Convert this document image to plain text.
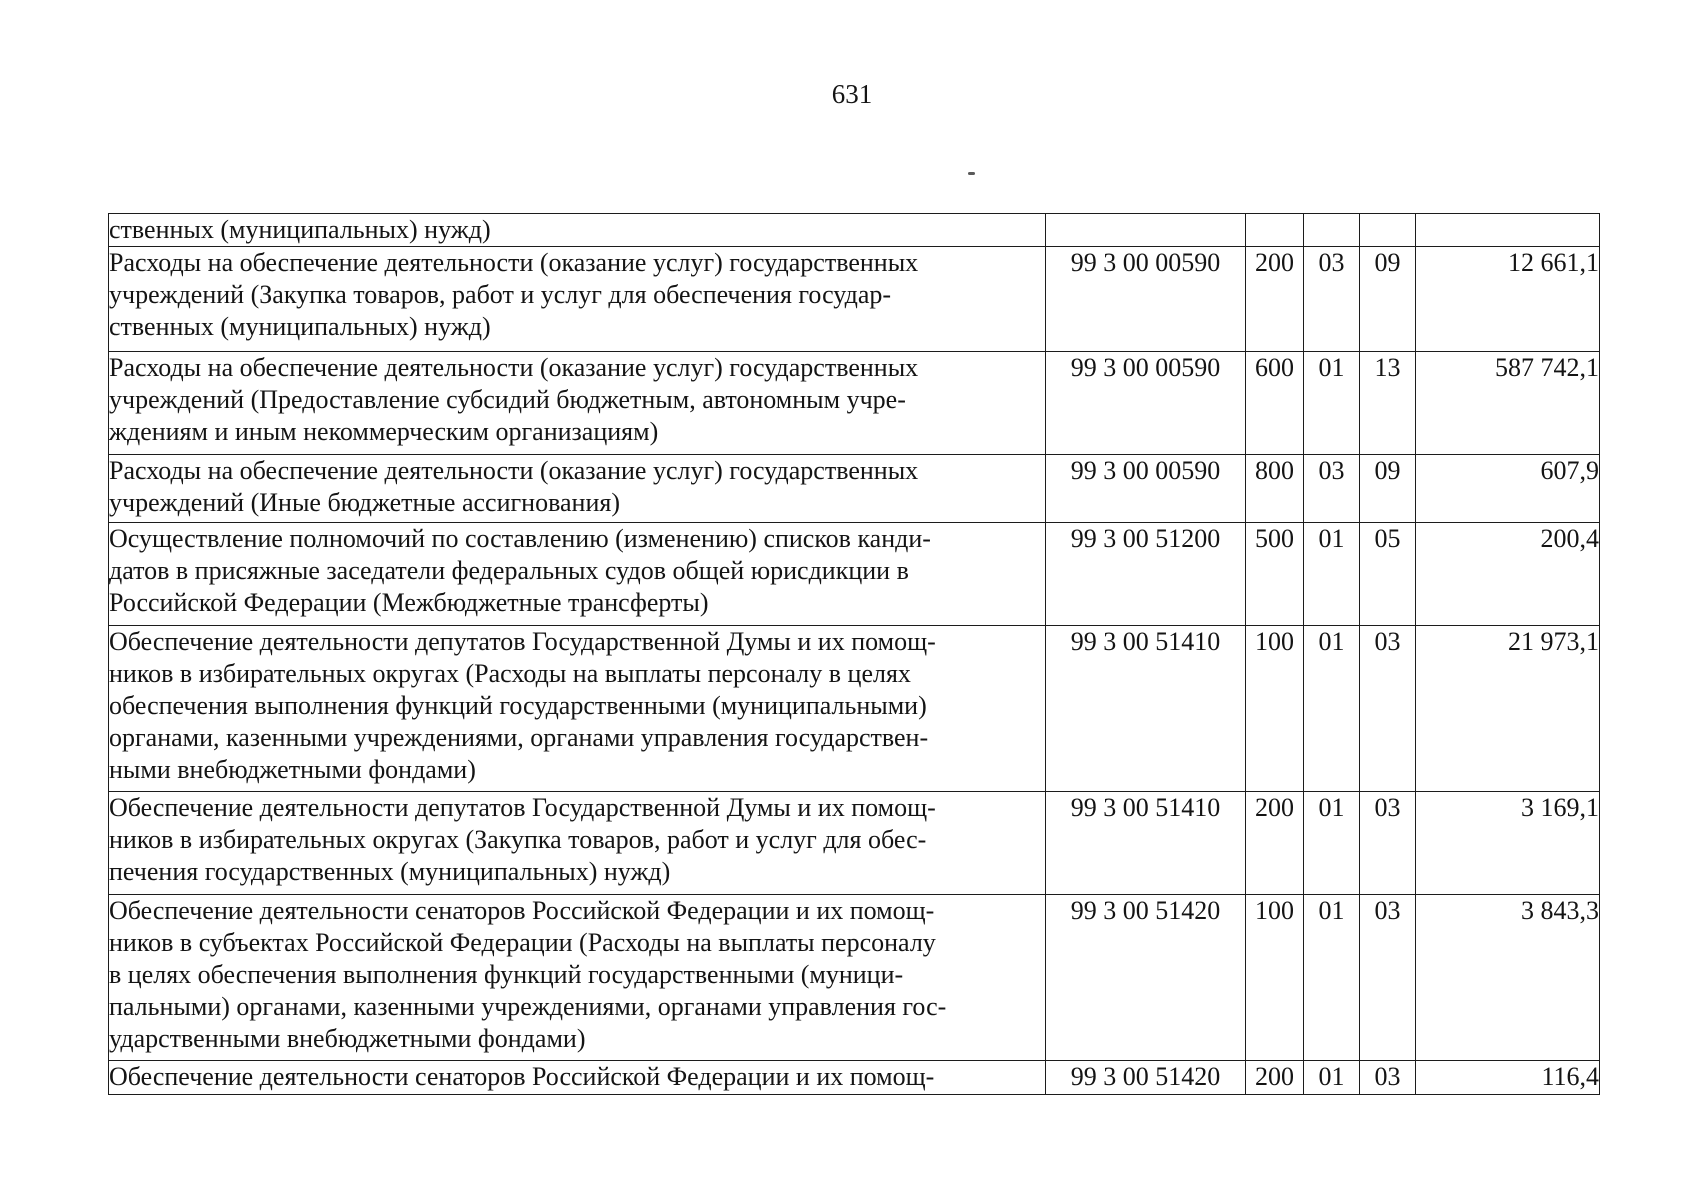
631
ственных (муниципальных) нужд)					

Расходы на обеспечение деятельности (оказание услуг) государственных
учреждений (Закупка товаров, работ и услуг для обеспечения государ-
ственных (муниципальных) нужд)	99 3 00 00590	200	03	09	12 661,1

Расходы на обеспечение деятельности (оказание услуг) государственных
учреждений (Предоставление субсидий бюджетным, автономным учре-
ждениям и иным некоммерческим организациям)	99 3 00 00590	600	01	13	587 742,1

Расходы на обеспечение деятельности (оказание услуг) государственных
учреждений (Иные бюджетные ассигнования)	99 3 00 00590	800	03	09	607,9

Осуществление полномочий по составлению (изменению) списков канди-
датов в присяжные заседатели федеральных судов общей юрисдикции в
Российской Федерации (Межбюджетные трансферты)	99 3 00 51200	500	01	05	200,4

Обеспечение деятельности депутатов Государственной Думы и их помощ-
ников в избирательных округах (Расходы на выплаты персоналу в целях
обеспечения выполнения функций государственными (муниципальными)
органами, казенными учреждениями, органами управления государствен-
ными внебюджетными фондами)	99 3 00 51410	100	01	03	21 973,1

Обеспечение деятельности депутатов Государственной Думы и их помощ-
ников в избирательных округах (Закупка товаров, работ и услуг для обес-
печения государственных (муниципальных) нужд)	99 3 00 51410	200	01	03	3 169,1

Обеспечение деятельности сенаторов Российской Федерации и их помощ-
ников в субъектах Российской Федерации (Расходы на выплаты персоналу
в целях обеспечения выполнения функций государственными (муници-
пальными) органами, казенными учреждениями, органами управления гос-
ударственными внебюджетными фондами)	99 3 00 51420	100	01	03	3 843,3

Обеспечение деятельности сенаторов Российской Федерации и их помощ-	99 3 00 51420	200	01	03	116,4
